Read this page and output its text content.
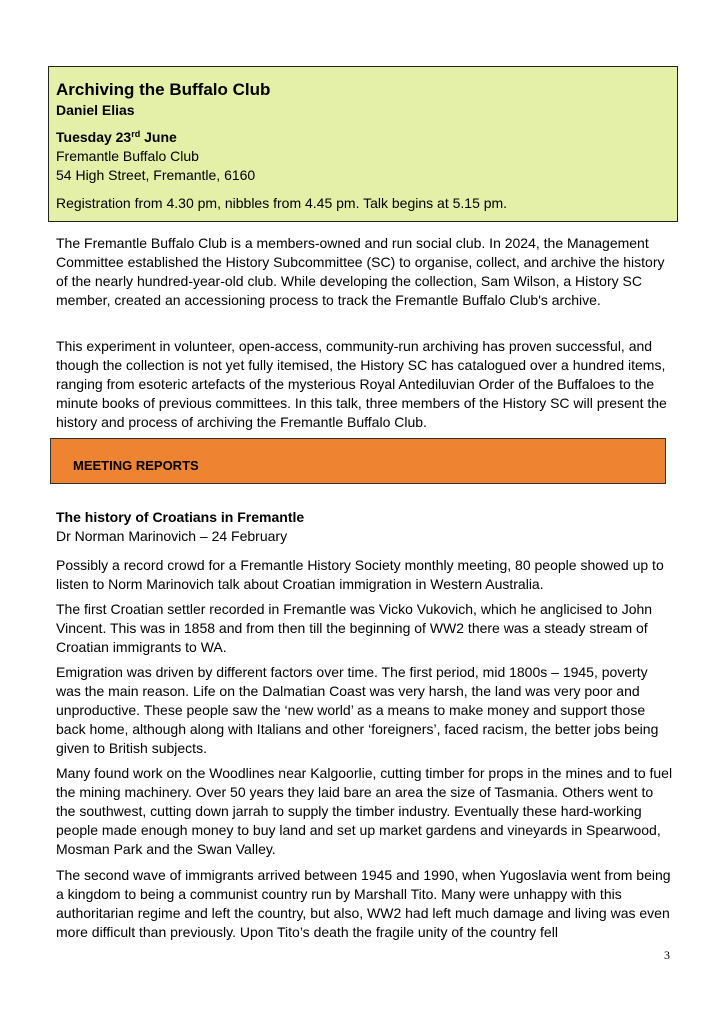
Archiving the Buffalo Club

Daniel Elias

Tuesday 23rd June

Fremantle Buffalo Club

54 High Street, Fremantle, 6160

Registration from 4.30 pm, nibbles from 4.45 pm. Talk begins at 5.15 pm.

The Fremantle Buffalo Club is a members-owned and run social club. In 2024, the Management Committee established the History Subcommittee (SC) to organise, collect, and archive the history of the nearly hundred-year-old club. While developing the collection, Sam Wilson, a History SC member, created an accessioning process to track the Fremantle Buffalo Club's archive.

This experiment in volunteer, open-access, community-run archiving has proven successful, and though the collection is not yet fully itemised, the History SC has catalogued over a hundred items, ranging from esoteric artefacts of the mysterious Royal Antediluvian Order of the Buffaloes to the minute books of previous committees. In this talk, three members of the History SC will present the history and process of archiving the Fremantle Buffalo Club.

MEETING REPORTS

The history of Croatians in Fremantle

Dr Norman Marinovich – 24 February

Possibly a record crowd for a Fremantle History Society monthly meeting, 80 people showed up to listen to Norm Marinovich talk about Croatian immigration in Western Australia.

The first Croatian settler recorded in Fremantle was Vicko Vukovich, which he anglicised to John Vincent. This was in 1858 and from then till the beginning of WW2 there was a steady stream of Croatian immigrants to WA.

Emigration was driven by different factors over time. The first period, mid 1800s – 1945, poverty was the main reason. Life on the Dalmatian Coast was very harsh, the land was very poor and unproductive. These people saw the ‘new world’ as a means to make money and support those back home, although along with Italians and other ‘foreigners’, faced racism, the better jobs being given to British subjects.

Many found work on the Woodlines near Kalgoorlie, cutting timber for props in the mines and to fuel the mining machinery. Over 50 years they laid bare an area the size of Tasmania. Others went to the southwest, cutting down jarrah to supply the timber industry. Eventually these hard-working people made enough money to buy land and set up market gardens and vineyards in Spearwood, Mosman Park and the Swan Valley.

The second wave of immigrants arrived between 1945 and 1990, when Yugoslavia went from being a kingdom to being a communist country run by Marshall Tito. Many were unhappy with this authoritarian regime and left the country, but also, WW2 had left much damage and living was even more difficult than previously. Upon Tito’s death the fragile unity of the country fell

3
